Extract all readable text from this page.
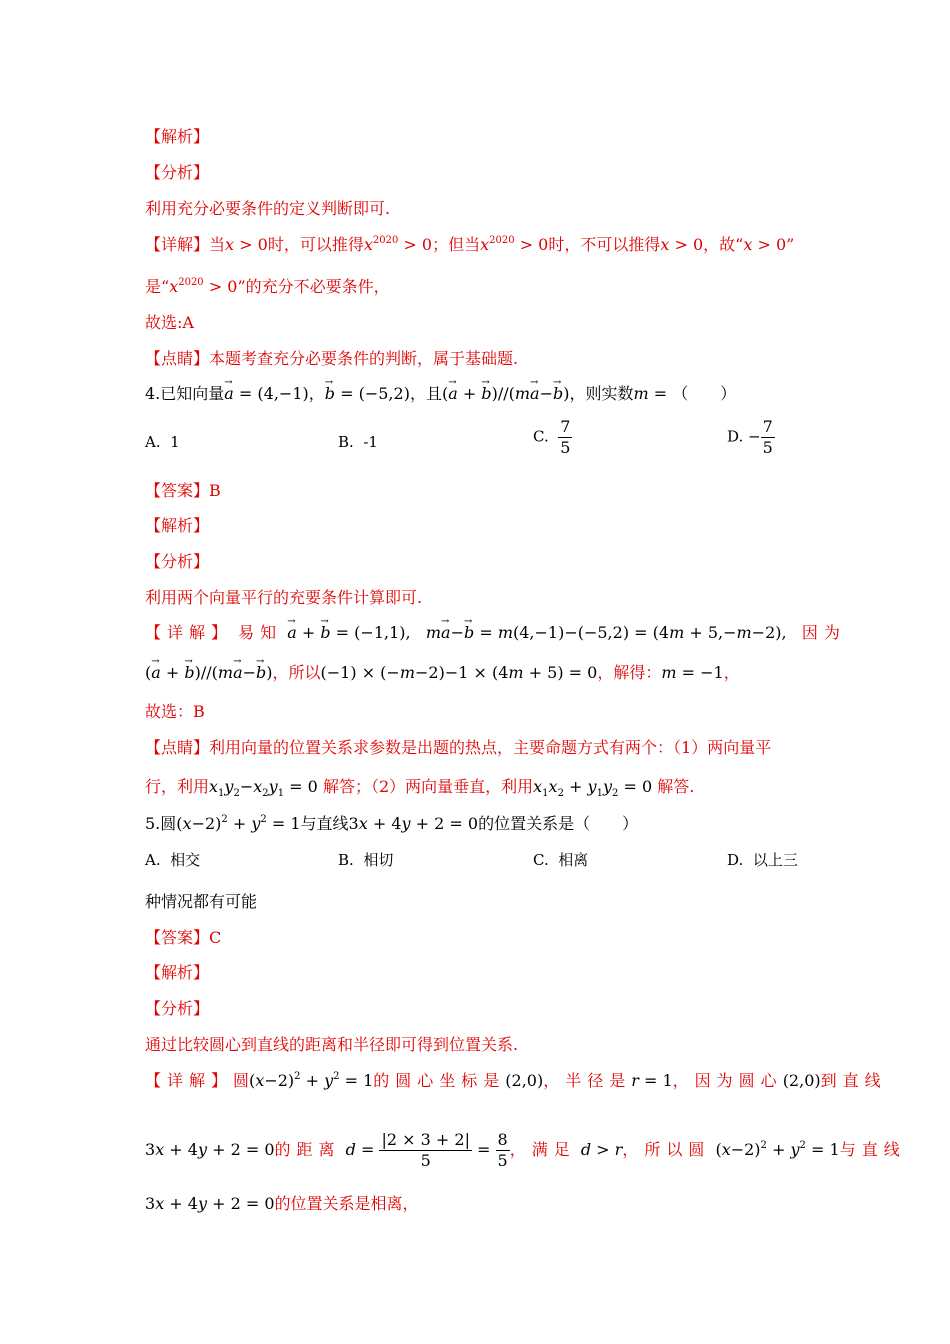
【解析】
【分析】
利用充分必要条件的定义判断即可.
【详解】当x > 0时，可以推得$x^{2020} > 0$；但当$x^{2020} > 0$时，不可以推得x > 0，故“x > 0”
是“$x^{2020} > 0$”的充分不必要条件，
故选:A
【点睛】本题考查充分必要条件的判断，属于基础题.
4.已知向量→ a = (4,−1)，→ b = (−5,2)，且(→ a + → b)//(m→ a−→ b)，则实数m = （　　）
A. 1	B. -1	C. $\frac{7}{5}$	D. − $\frac{7}{5}$
【答案】B
【解析】
【分析】
利用两个向量平行的充要条件计算即可.
【详解】 易知 → a + → b = (−1,1), m→ a−→ b = m(4,−1)−(−5,2) = (4m + 5,−m−2), 因为
(→ a + → b)//(m→ a−→ b)，所以(−1) × (−m−2)−1 × (4m + 5) = 0，解得：m = −1，
故选：B
【点睛】利用向量的位置关系求参数是出题的热点，主要命题方式有两个：（1）两向量平
行，利用$x_1y_2-x_2y_1 = 0$ 解答；（2）两向量垂直，利用$x_1x_2 + y_1y_2 = 0$ 解答.
5.圆$(x-2)^2 + y^2 = 1$与直线3x + 4y + 2 = 0的位置关系是（　　）
A. 相交	B. 相切	C. 相离	D. 以上三
种情况都有可能
【答案】C
【解析】
【分析】
通过比较圆心到直线的距离和半径即可得到位置关系.
【详解】圆$(x-2)^2 + y^2 = 1$的圆心坐标是(2,0)，半径是r = 1，因为圆心(2,0)到直线
3x + 4y + 2 = 0的距离 $d = \frac{|2 \times 3 + 2|}{5} = \frac{8}{5}$ ，满足 d > r，所以圆 $(x-2)^2 + y^2 = 1$与直线
3x + 4y + 2 = 0的位置关系是相离，
